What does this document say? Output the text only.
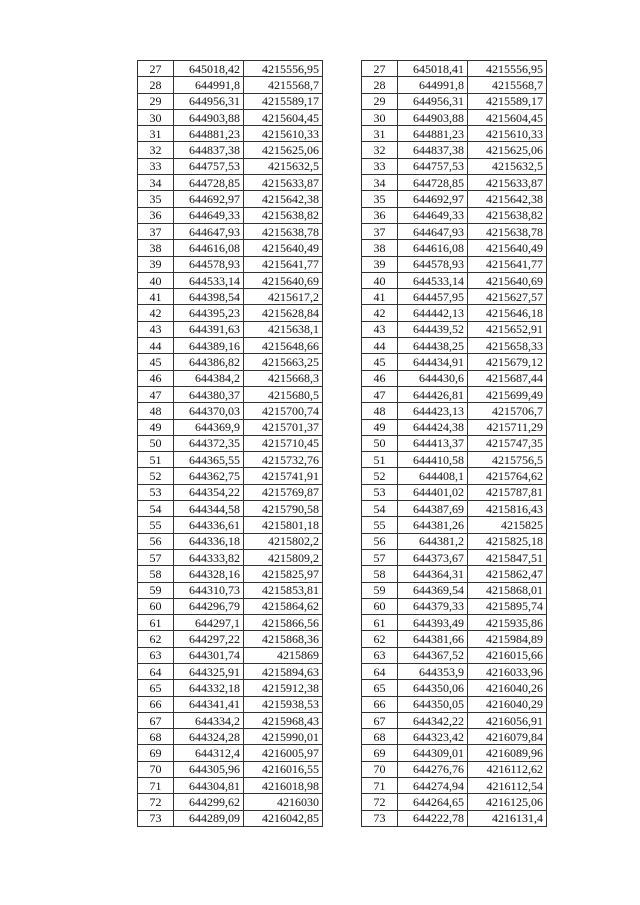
27	645018,42	4215556,95
28	644991,8	4215568,7
29	644956,31	4215589,17
30	644903,88	4215604,45
31	644881,23	4215610,33
32	644837,38	4215625,06
33	644757,53	4215632,5
34	644728,85	4215633,87
35	644692,97	4215642,38
36	644649,33	4215638,82
37	644647,93	4215638,78
38	644616,08	4215640,49
39	644578,93	4215641,77
40	644533,14	4215640,69
41	644398,54	4215617,2
42	644395,23	4215628,84
43	644391,63	4215638,1
44	644389,16	4215648,66
45	644386,82	4215663,25
46	644384,2	4215668,3
47	644380,37	4215680,5
48	644370,03	4215700,74
49	644369,9	4215701,37
50	644372,35	4215710,45
51	644365,55	4215732,76
52	644362,75	4215741,91
53	644354,22	4215769,87
54	644344,58	4215790,58
55	644336,61	4215801,18
56	644336,18	4215802,2
57	644333,82	4215809,2
58	644328,16	4215825,97
59	644310,73	4215853,81
60	644296,79	4215864,62
61	644297,1	4215866,56
62	644297,22	4215868,36
63	644301,74	4215869
64	644325,91	4215894,63
65	644332,18	4215912,38
66	644341,41	4215938,53
67	644334,2	4215968,43
68	644324,28	4215990,01
69	644312,4	4216005,97
70	644305,96	4216016,55
71	644304,81	4216018,98
72	644299,62	4216030
73	644289,09	4216042,85
27	645018,41	4215556,95
28	644991,8	4215568,7
29	644956,31	4215589,17
30	644903,88	4215604,45
31	644881,23	4215610,33
32	644837,38	4215625,06
33	644757,53	4215632,5
34	644728,85	4215633,87
35	644692,97	4215642,38
36	644649,33	4215638,82
37	644647,93	4215638,78
38	644616,08	4215640,49
39	644578,93	4215641,77
40	644533,14	4215640,69
41	644457,95	4215627,57
42	644442,13	4215646,18
43	644439,52	4215652,91
44	644438,25	4215658,33
45	644434,91	4215679,12
46	644430,6	4215687,44
47	644426,81	4215699,49
48	644423,13	4215706,7
49	644424,38	4215711,29
50	644413,37	4215747,35
51	644410,58	4215756,5
52	644408,1	4215764,62
53	644401,02	4215787,81
54	644387,69	4215816,43
55	644381,26	4215825
56	644381,2	4215825,18
57	644373,67	4215847,51
58	644364,31	4215862,47
59	644369,54	4215868,01
60	644379,33	4215895,74
61	644393,49	4215935,86
62	644381,66	4215984,89
63	644367,52	4216015,66
64	644353,9	4216033,96
65	644350,06	4216040,26
66	644350,05	4216040,29
67	644342,22	4216056,91
68	644323,42	4216079,84
69	644309,01	4216089,96
70	644276,76	4216112,62
71	644274,94	4216112,54
72	644264,65	4216125,06
73	644222,78	4216131,4
